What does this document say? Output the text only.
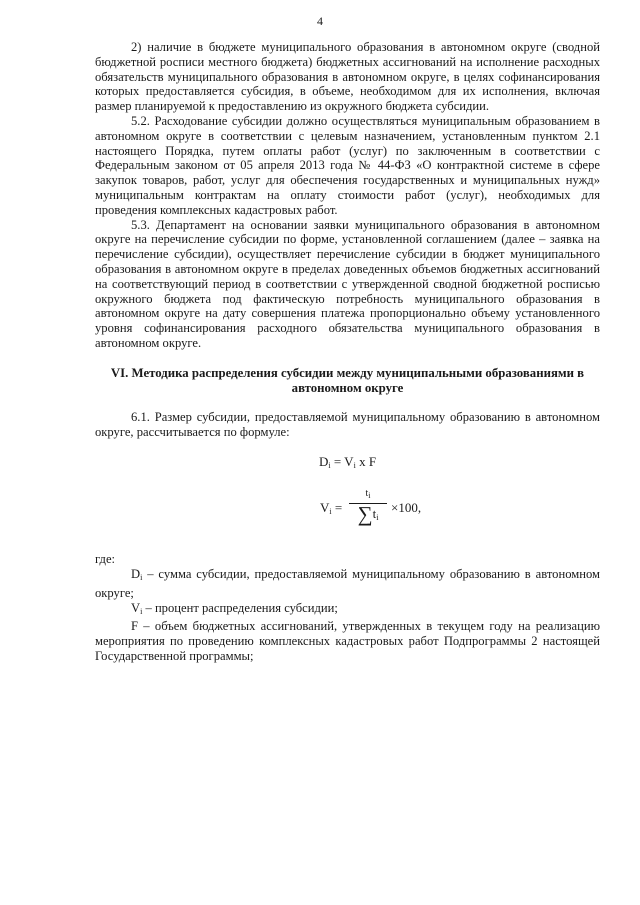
4

2) наличие в бюджете муниципального образования в автономном округе (сводной бюджетной росписи местного бюджета) бюджетных ассигнований на исполнение расходных обязательств муниципального образования в автономном округе, в целях софинансирования которых предоставляется субсидия, в объеме, необходимом для их исполнения, включая размер планируемой к предоставлению из окружного бюджета субсидии.

5.2. Расходование субсидии должно осуществляться муниципальным образованием в автономном округе в соответствии с целевым назначением, установленным пунктом 2.1 настоящего Порядка, путем оплаты работ (услуг) по заключенным в соответствии с Федеральным законом от 05 апреля 2013 года № 44-ФЗ «О контрактной системе в сфере закупок товаров, работ, услуг для обеспечения государственных и муниципальных нужд» муниципальным контрактам на оплату стоимости работ (услуг), необходимых для проведения комплексных кадастровых работ.

5.3. Департамент на основании заявки муниципального образования в автономном округе на перечисление субсидии по форме, установленной соглашением (далее – заявка на перечисление субсидии), осуществляет перечисление субсидии в бюджет муниципального образования в автономном округе в пределах доведенных объемов бюджетных ассигнований на соответствующий период в соответствии с утвержденной сводной бюджетной росписью окружного бюджета под фактическую потребность муниципального образования в автономном округе на дату совершения платежа пропорционально объему установленного уровня софинансирования расходного обязательства муниципального образования в автономном округе.

VI. Методика распределения субсидии между муниципальными образованиями в автономном округе

6.1. Размер субсидии, предоставляемой муниципальному образованию в автономном округе, рассчитывается по формуле:

$D_i = V_i$ x F
$V_i$ =
$t_i$
$\sum t_i$
×100,

где:

$D_i$ – сумма субсидии, предоставляемой муниципальному образованию в автономном округе;

$V_i$ – процент распределения субсидии;

F – объем бюджетных ассигнований, утвержденных в текущем году на реализацию мероприятия по проведению комплексных кадастровых работ Подпрограммы 2 настоящей Государственной программы;
